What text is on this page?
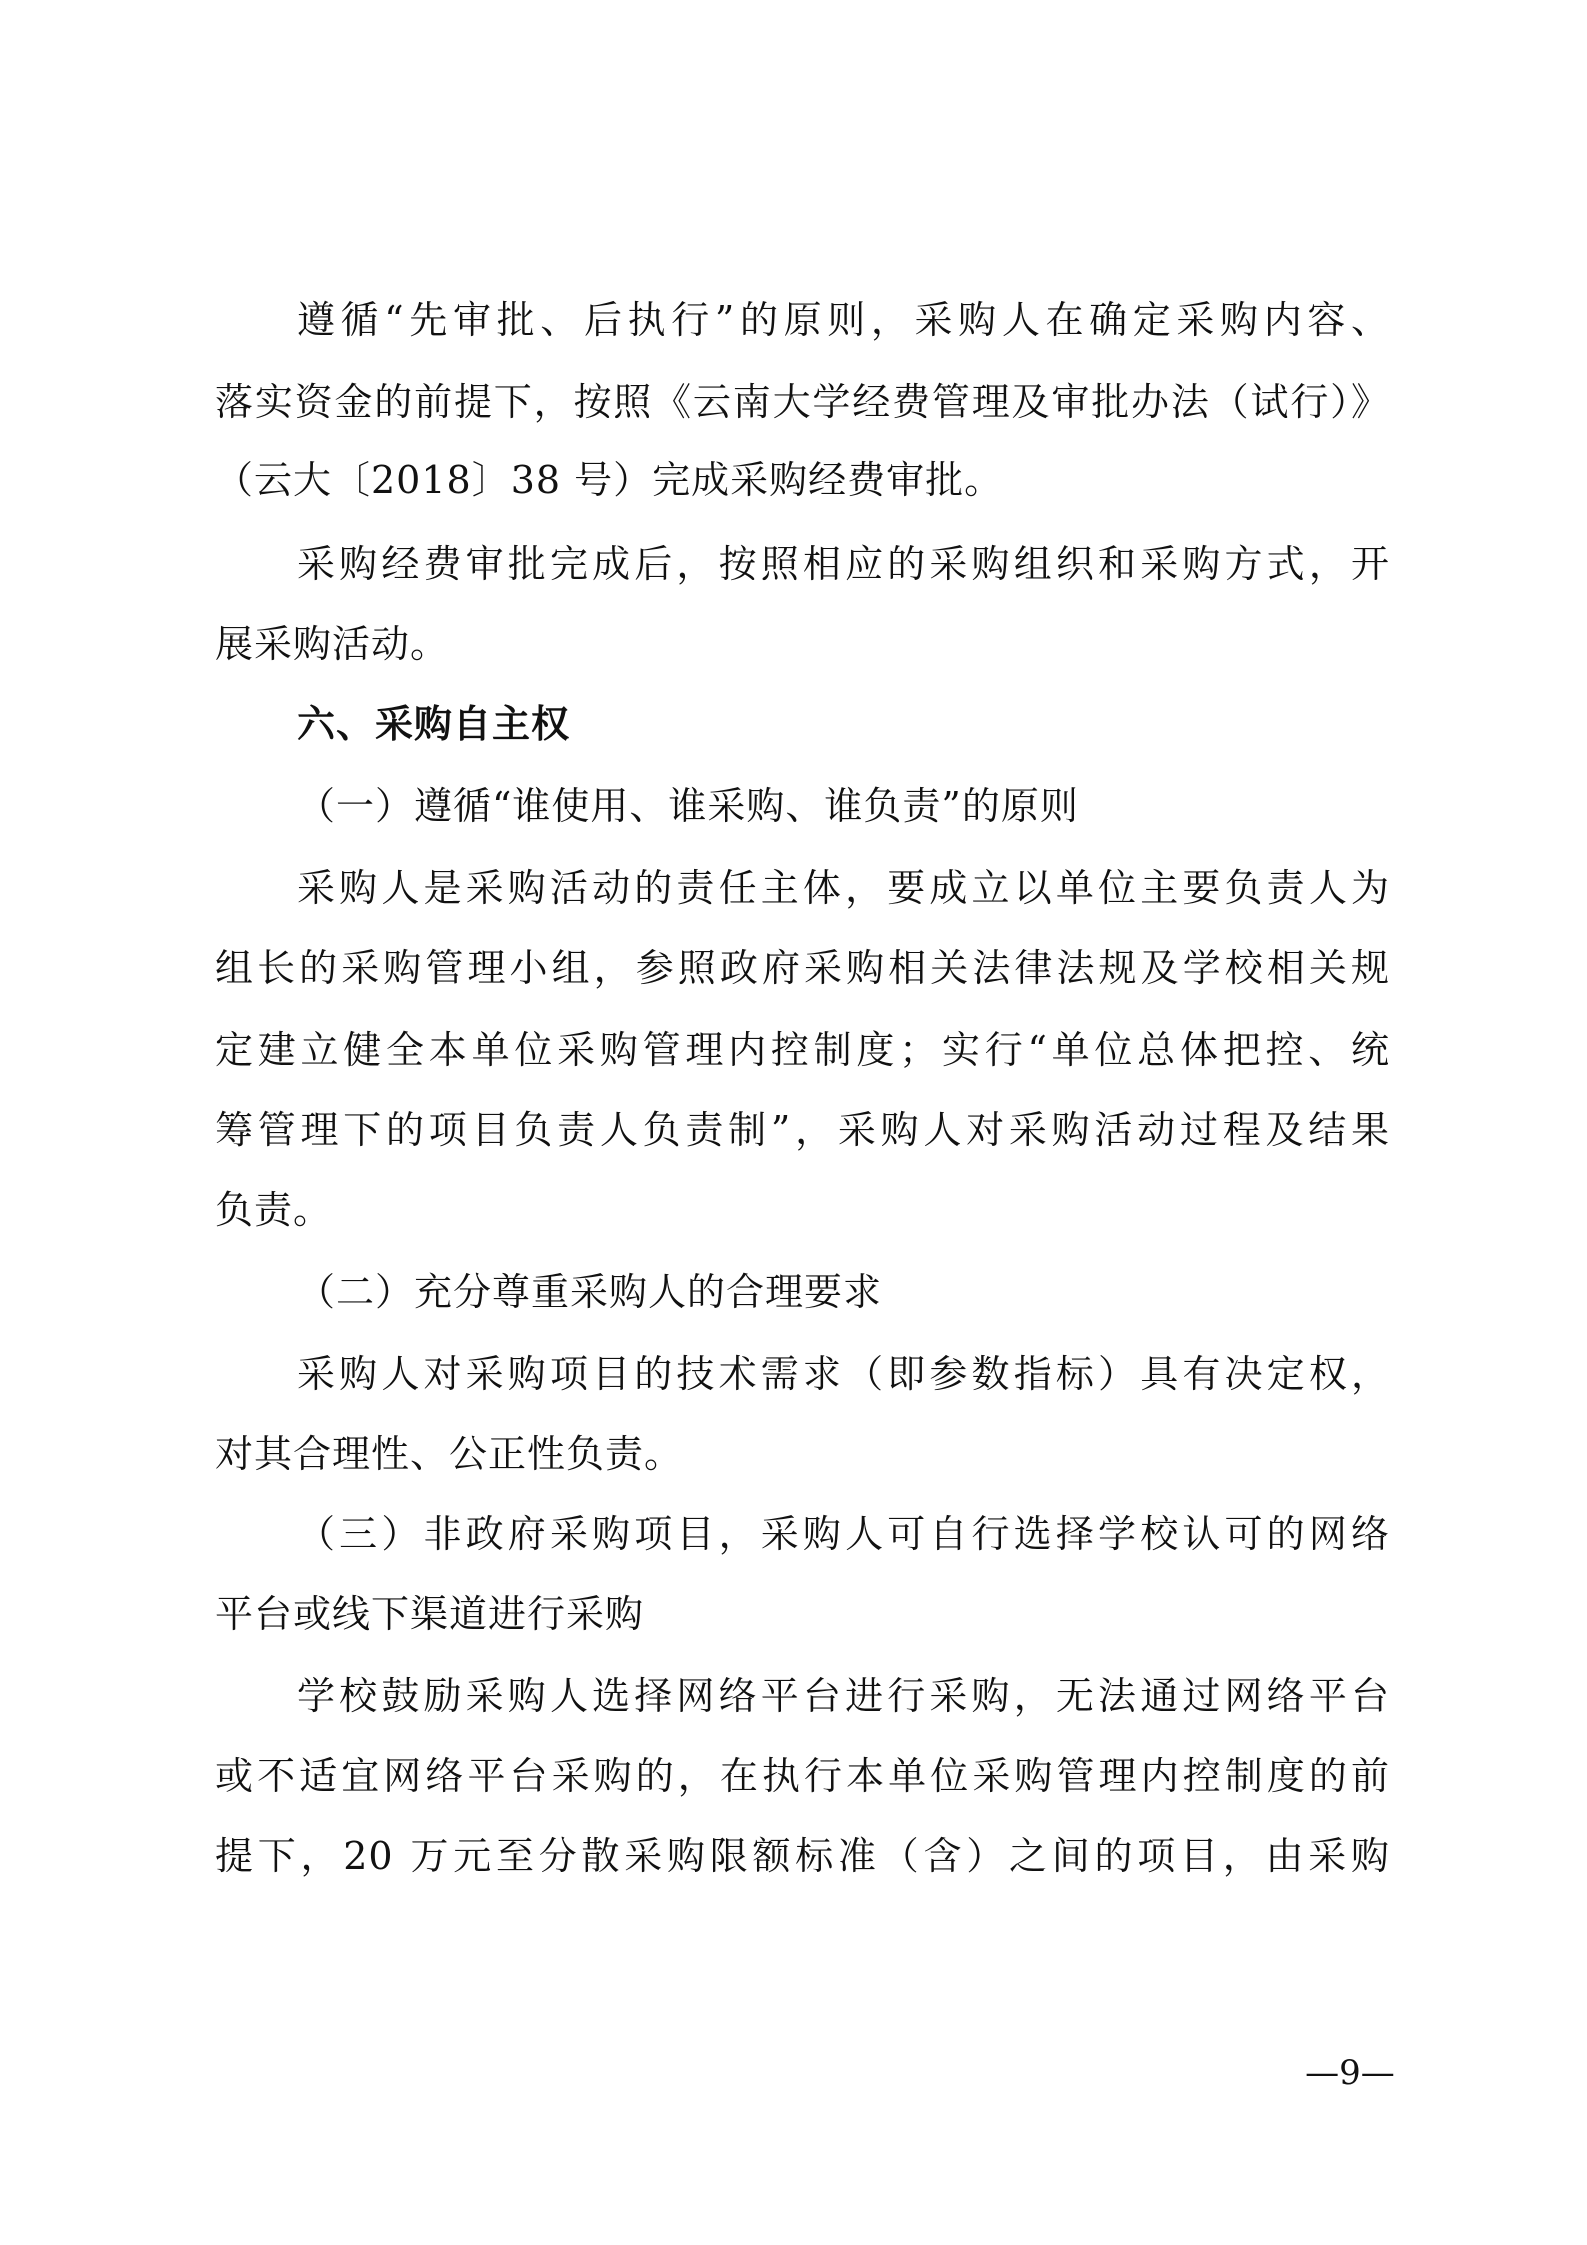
遵循“先审批、后执行”的原则，采购人在确定采购内容、
落实资金的前提下，按照《云南大学经费管理及审批办法（试行）》
（云大〔2018〕38 号）完成采购经费审批。
采购经费审批完成后，按照相应的采购组织和采购方式，开
展采购活动。
六、采购自主权
（一）遵循“谁使用、谁采购、谁负责”的原则
采购人是采购活动的责任主体，要成立以单位主要负责人为
组长的采购管理小组，参照政府采购相关法律法规及学校相关规
定建立健全本单位采购管理内控制度；实行“单位总体把控、统
筹管理下的项目负责人负责制”，采购人对采购活动过程及结果
负责。
（二）充分尊重采购人的合理要求
采购人对采购项目的技术需求（即参数指标）具有决定权，
对其合理性、公正性负责。
（三）非政府采购项目，采购人可自行选择学校认可的网络
平台或线下渠道进行采购
学校鼓励采购人选择网络平台进行采购，无法通过网络平台
或不适宜网络平台采购的，在执行本单位采购管理内控制度的前
提下，20 万元至分散采购限额标准（含）之间的项目，由采购
—9—
